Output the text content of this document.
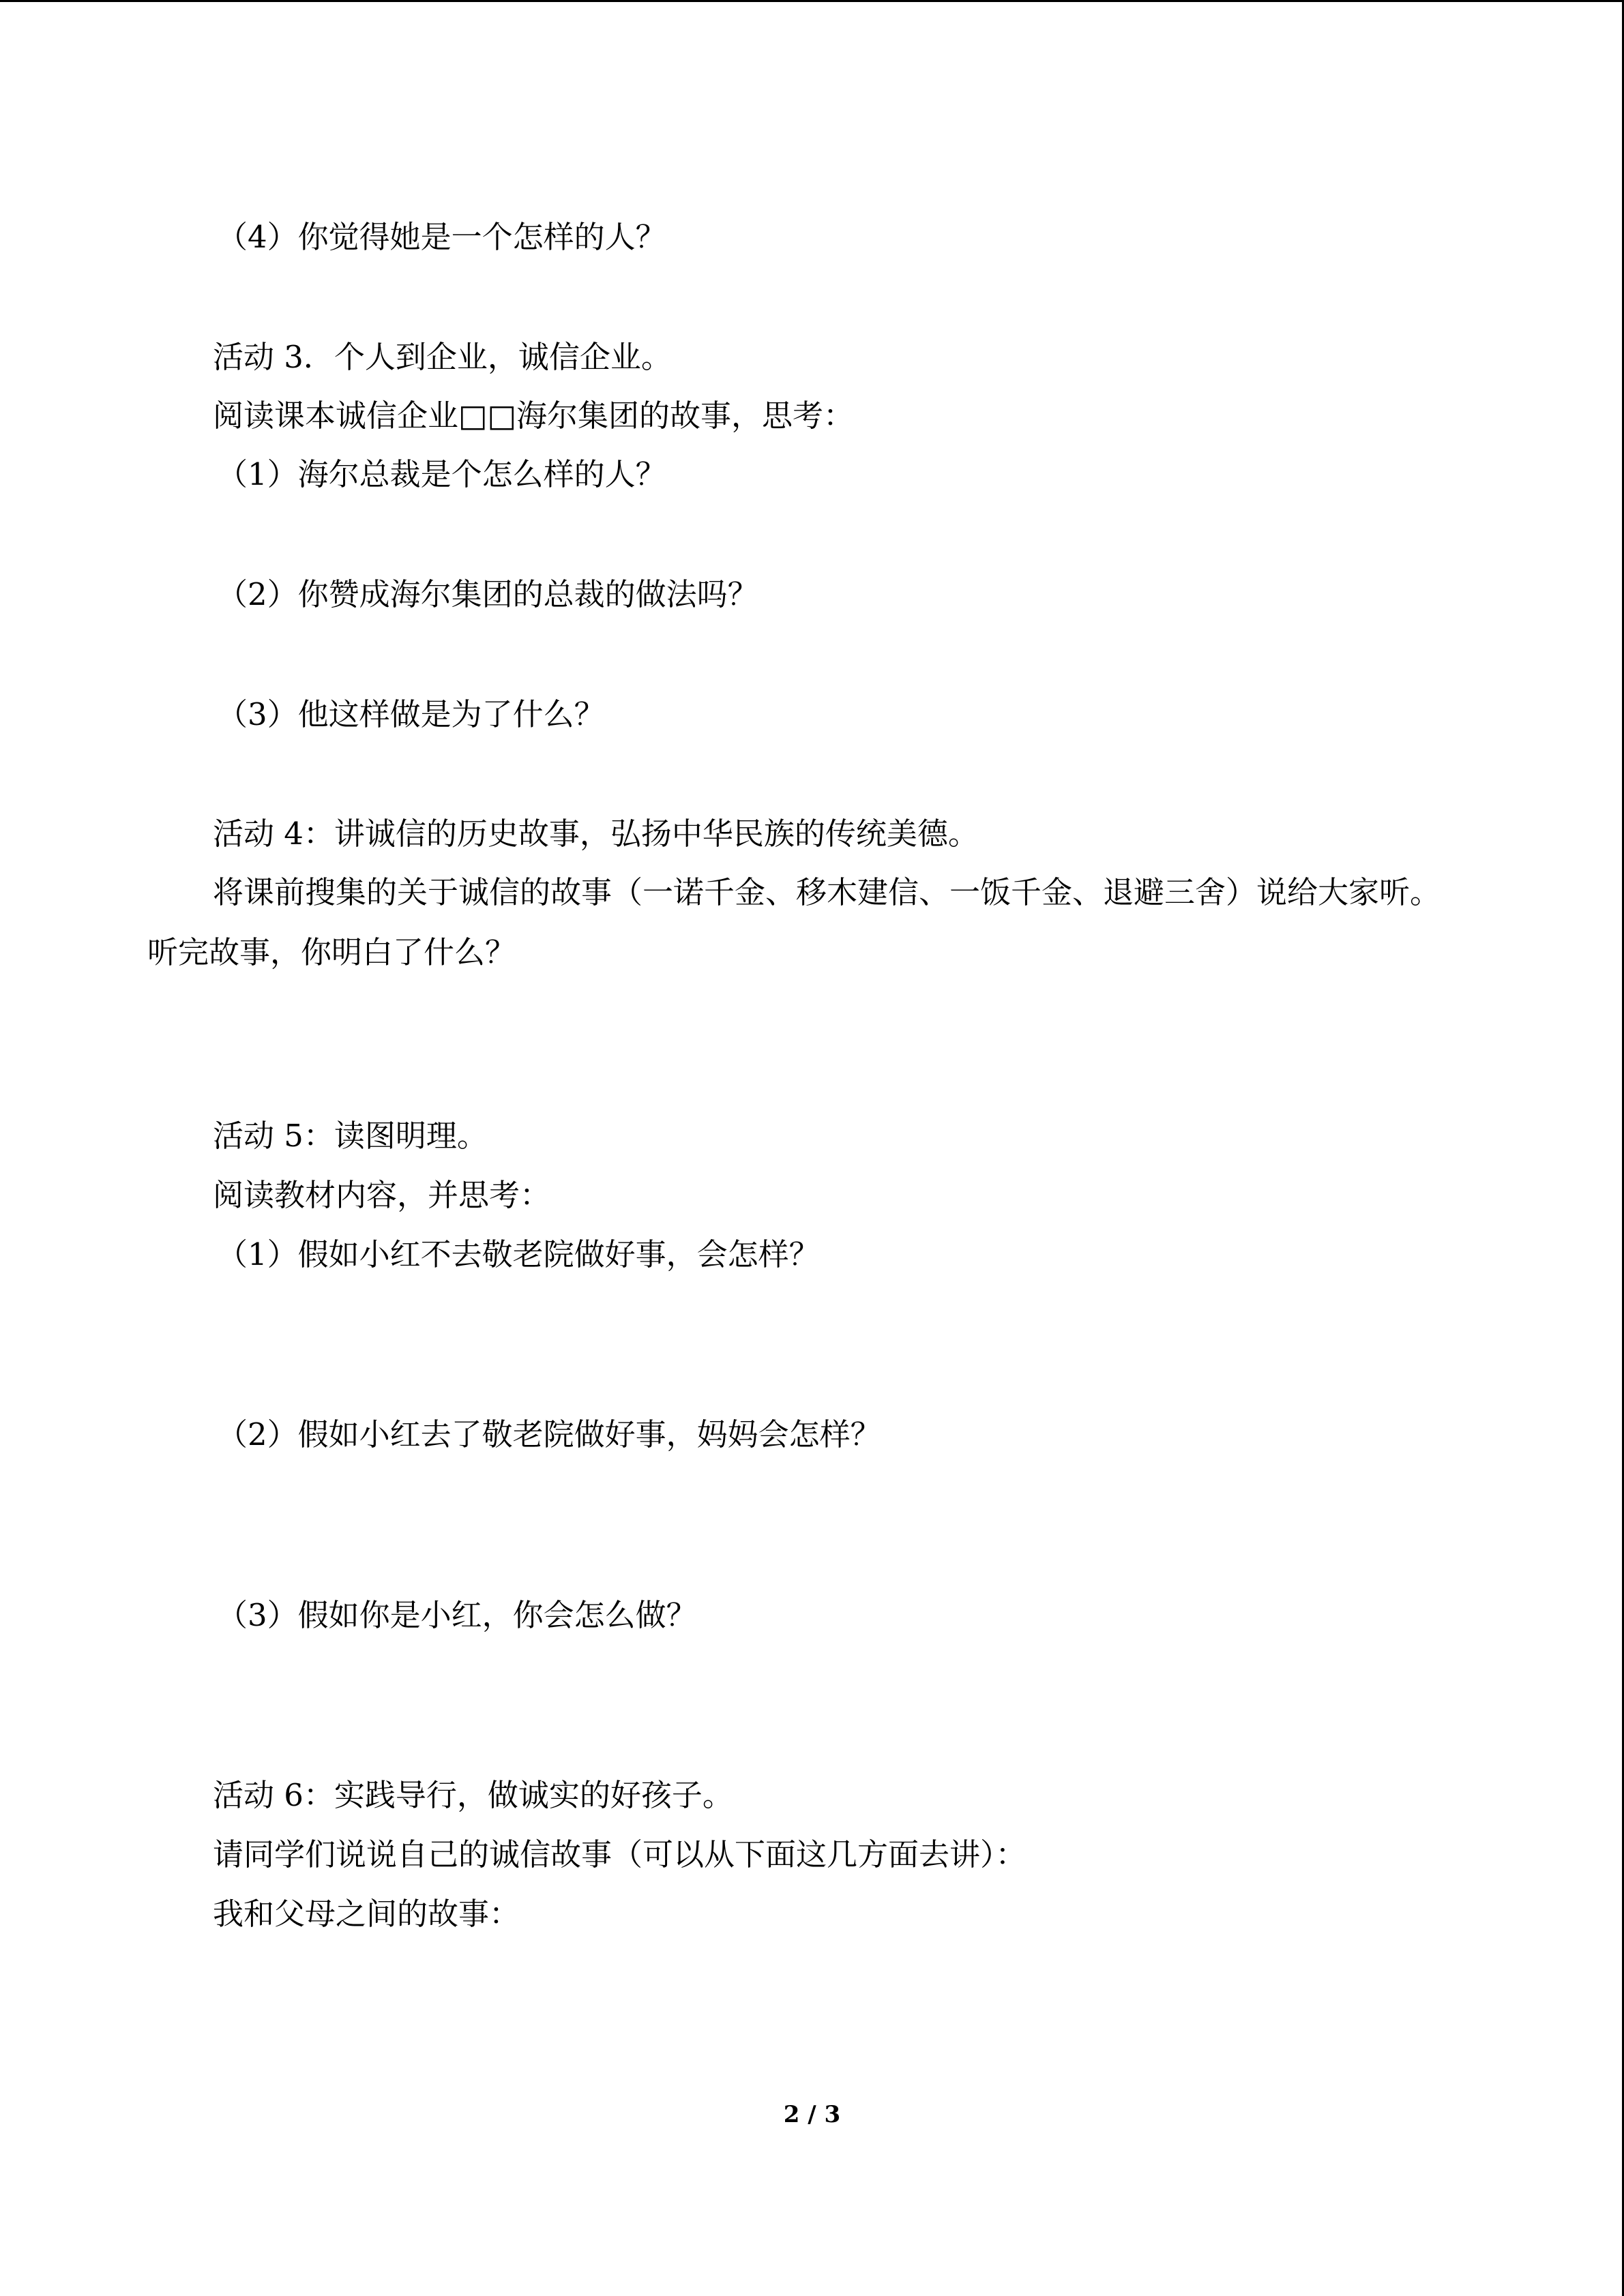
（4）你觉得她是一个怎样的人？
活动 3．个人到企业，诚信企业。
阅读课本诚信企业□□海尔集团的故事，思考：
（1）海尔总裁是个怎么样的人？
（2）你赞成海尔集团的总裁的做法吗？
（3）他这样做是为了什么？
活动 4：讲诚信的历史故事，弘扬中华民族的传统美德。
将课前搜集的关于诚信的故事（一诺千金、移木建信、一饭千金、退避三舍）说给大家听。听完故事，你明白了什么？
活动 5：读图明理。
阅读教材内容，并思考：
（1）假如小红不去敬老院做好事，会怎样？
（2）假如小红去了敬老院做好事，妈妈会怎样？
（3）假如你是小红，你会怎么做？
活动 6：实践导行，做诚实的好孩子。
请同学们说说自己的诚信故事（可以从下面这几方面去讲）：
我和父母之间的故事：
2 / 3
